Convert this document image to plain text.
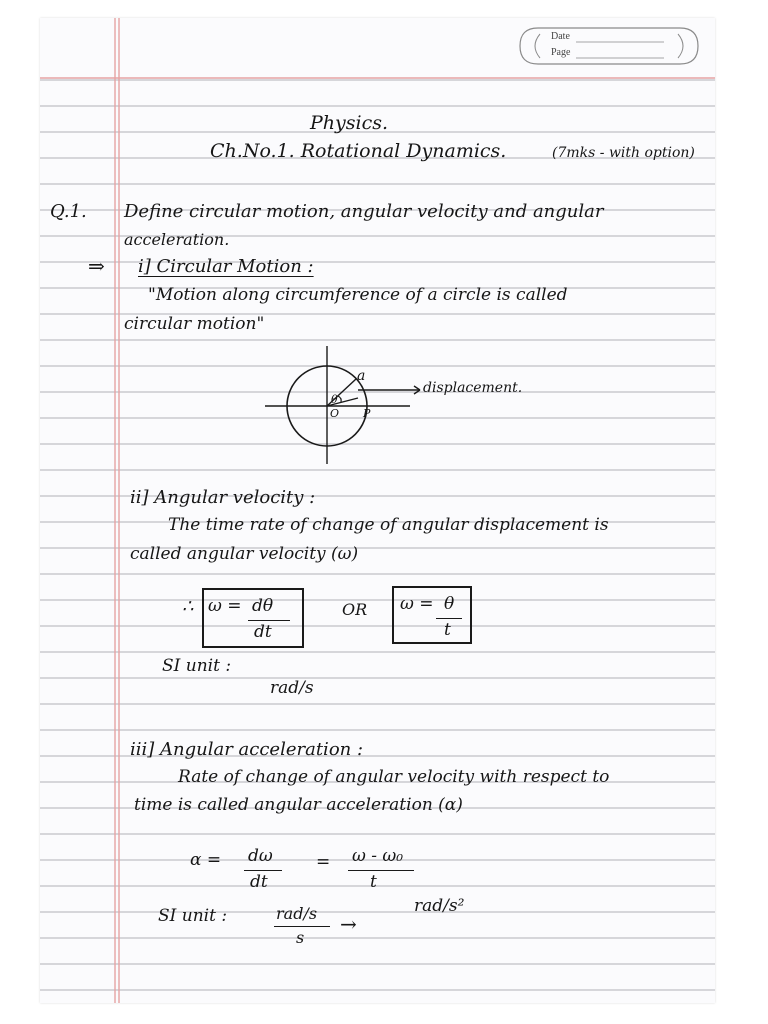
Date
Page
Physics.
Ch.No.1. Rotational Dynamics.	(7mks - with option)
Q.1. Define circular motion, angular velocity and angular
acceleration.
⇒ i] Circular Motion :
"Motion along circumference of a circle is called
circular motion"
a
θ
O P
displacement.
ii] Angular velocity :
The time rate of change of angular displacement is
called angular velocity (ω)
∴ ω = dθ
dt
OR ω = θ
t
SI unit :
rad/s
iii] Angular acceleration :
Rate of change of angular velocity with respect to
time is called angular acceleration (α)
α = dω
dt
= ω - ω₀
t
SI unit :	rad/s
s
→
rad/s²
